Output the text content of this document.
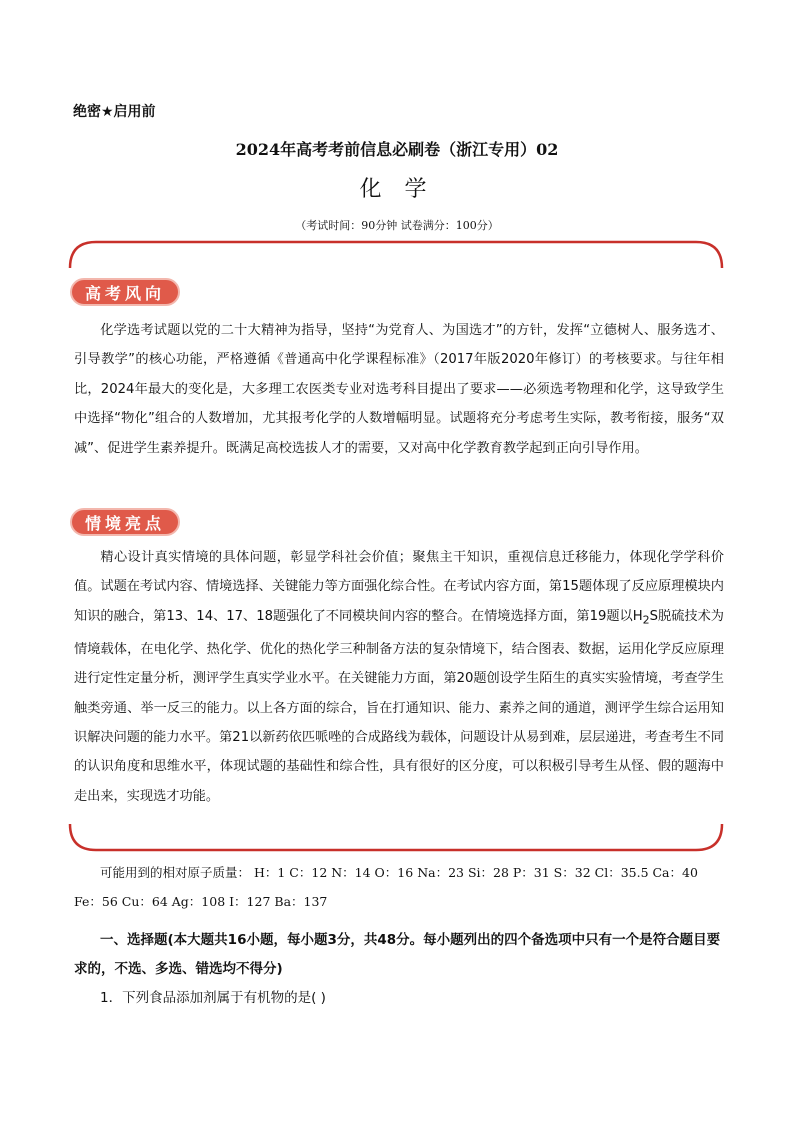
绝密★启用前
2024年高考考前信息必刷卷（浙江专用）02
化 学
（考试时间：90分钟 试卷满分：100分）
高考风向
化学选考试题以党的二十大精神为指导，坚持“为党育人、为国选才”的方针，发挥“立德树人、服务选才、引导教学”的核心功能，严格遵循《普通高中化学课程标准》（2017年版2020年修订）的考核要求。与往年相比，2024年最大的变化是，大多理工农医类专业对选考科目提出了要求——必须选考物理和化学，这导致学生中选择“物化”组合的人数增加，尤其报考化学的人数增幅明显。试题将充分考虑考生实际，教考衔接，服务“双减”、促进学生素养提升。既满足高校选拔人才的需要，又对高中化学教育教学起到正向引导作用。
情境亮点
精心设计真实情境的具体问题，彰显学科社会价值；聚焦主干知识，重视信息迁移能力，体现化学学科价值。试题在考试内容、情境选择、关键能力等方面强化综合性。在考试内容方面，第15题体现了反应原理模块内知识的融合，第13、14、17、18题强化了不同模块间内容的整合。在情境选择方面，第19题以$H_2S$脱硫技术为情境载体，在电化学、热化学、优化的热化学三种制备方法的复杂情境下，结合图表、数据，运用化学反应原理进行定性定量分析，测评学生真实学业水平。在关键能力方面，第20题创设学生陌生的真实实验情境，考查学生触类旁通、举一反三的能力。以上各方面的综合，旨在打通知识、能力、素养之间的通道，测评学生综合运用知识解决问题的能力水平。第21以新药依匹哌唑的合成路线为载体，问题设计从易到难，层层递进，考查考生不同的认识角度和思维水平，体现试题的基础性和综合性，具有很好的区分度，可以积极引导考生从怪、假的题海中走出来，实现选才功能。
可能用到的相对原子质量： H：1 C：12 N：14 O：16 Na：23 Si：28 P：31 S：32 Cl：35.5 Ca：40 Fe：56 Cu：64 Ag：108 I：127 Ba：137
一、选择题(本大题共16小题，每小题3分，共48分。每小题列出的四个备选项中只有一个是符合题目要求的，不选、多选、错选均不得分)
1．下列食品添加剂属于有机物的是( )
